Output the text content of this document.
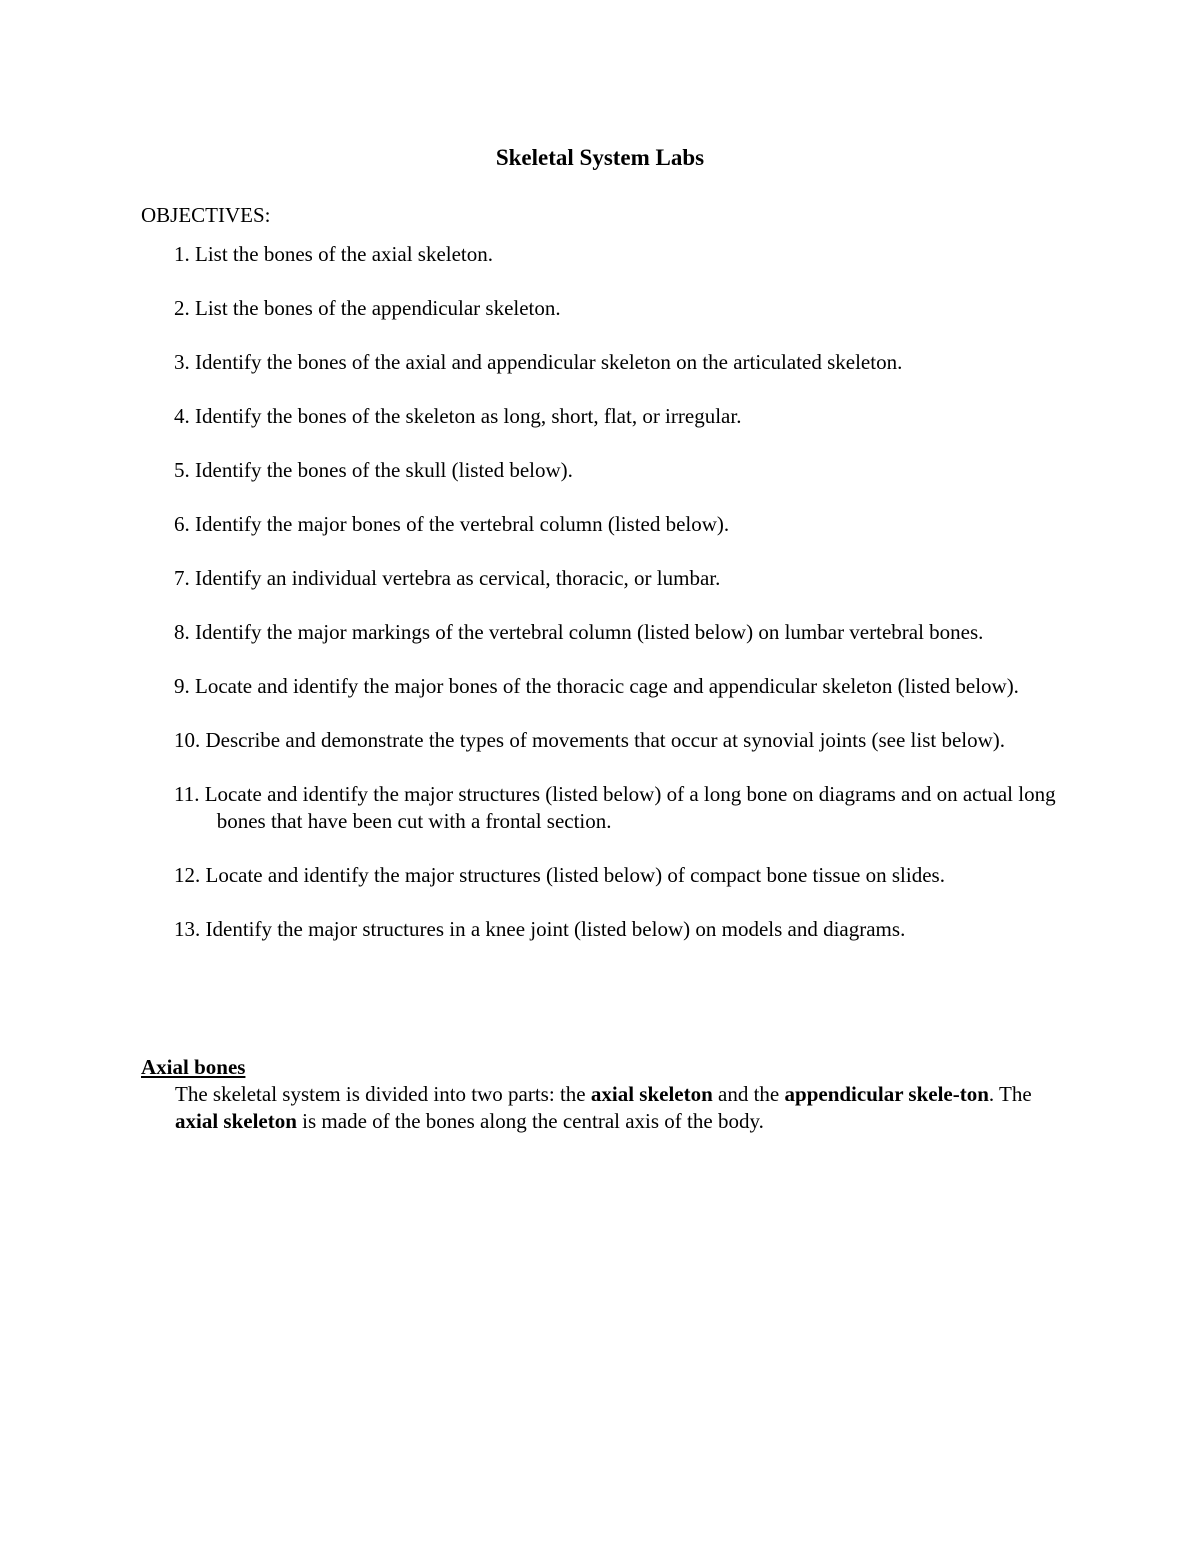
Skeletal System Labs

OBJECTIVES:

1. List the bones of the axial skeleton.
2. List the bones of the appendicular skeleton.
3. Identify the bones of the axial and appendicular skeleton on the articulated skeleton.
4. Identify the bones of the skeleton as long, short, flat, or irregular.
5. Identify the bones of the skull (listed below).
6. Identify the major bones of the vertebral column (listed below).
7. Identify an individual vertebra as cervical, thoracic, or lumbar.
8. Identify the major markings of the vertebral column (listed below) on lumbar vertebral bones.
9. Locate and identify the major bones of the thoracic cage and appendicular skeleton (listed below).
10. Describe and demonstrate the types of movements that occur at synovial joints (see list below).
11. Locate and identify the major structures (listed below) of a long bone on diagrams and on actual long bones that have been cut with a frontal section.
12. Locate and identify the major structures (listed below) of compact bone tissue on slides.
13. Identify the major structures in a knee joint (listed below) on models and diagrams.
Axial bones

The skeletal system is divided into two parts: the axial skeleton and the appendicular skele-ton. The axial skeleton is made of the bones along the central axis of the body.
